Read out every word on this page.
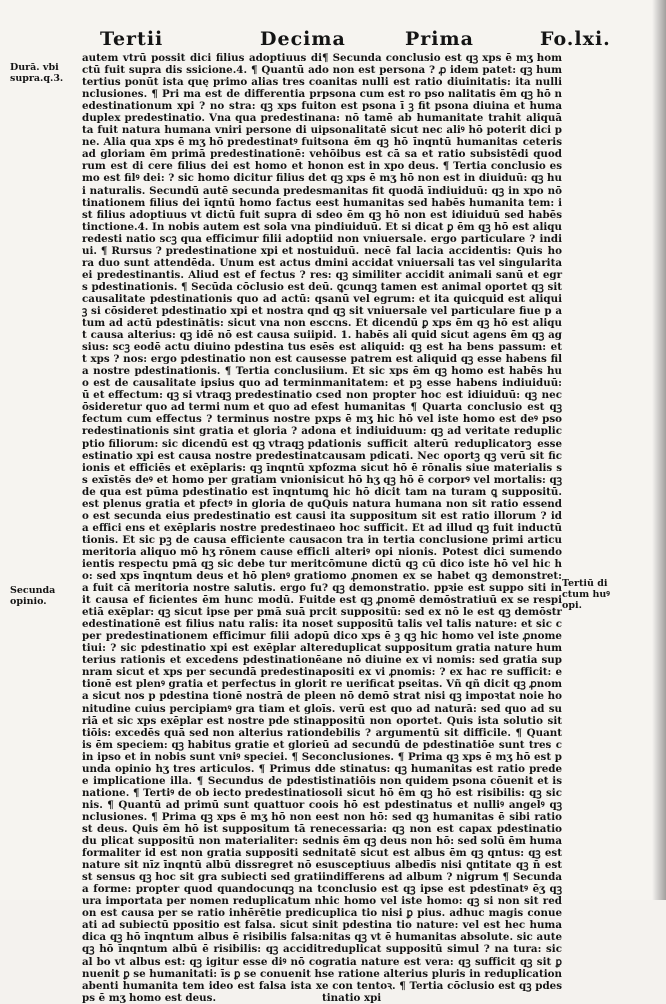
Tertii	Decima	Prima	Fo.lxi.
Durā. vbi supra.q.3.
Secunda opinio.
Tertiū di ctum huꝰ opi.
autem vtrū possit dici filius adoptiuus dictū fuit supra dis ssicione.4. ¶ Quantū ad tertius ponūt ista quę primo alias tres conclusiones. ¶ Pri ma est de differentia predestinationum xpi ? no stra: qꝫ xps fuit duplex predestinatio. Vna qua predestinata fuit natura humana vniri persone di uine. Alia qua xps ē mʒ hō predestinatꝰ fuit ad gloriam ēm primā predestinationē: verum est di cere filius dei est homo et homo est filꝰ dei: ? sic homo dicitur filius dei naturalis. Secundū autē secunda predestinationem filius dei īqntū homo factus est filius adoptiuus vt dictū fuit supra di stinctione.4. In nobis autem est sola vna predesti natio scꝫ qua efficimur filii adoptiui. ¶ Rursus ? predestinatione xpi et nostra duo sunt attendēda. Unum est actus dei predestinantis. Aliud est ef fectus ? res pdestinationis. ¶ Secūda cōclusio est de causalitate pdestinationis quo ad actū: qꝫ si cōsideret pdestinatio xpi et nostra qntum ad actū pdestinātis: sicut vna non est causa alterius: qꝫ idē nō est causa suiipsius: scꝫ eodē actu diuino pdestina tus est xps ? nos: ergo pdestinatio non est causa nostre pdestinationis. ¶ Tertia conclusio est de causalitate ipsius quo ad terminū et effectum: qꝫ si vtraqꝫ predestinatio cōsideretur quo ad termi num et quo ad effectum cum effectus ? terminus nostre predestinationis sint gratia et gloria ? ado ptio filiorum: sic dicendū est qꝫ vtraqꝫ pdestinatio xpi est causa nostre predestinationis et efficiēs et exēplaris: qꝫ īnqntū xps exīstēs deꝰ et homo per gratiam vnionis de qua est pūma pdestinatio est īnqntum est plenus gratia et pfectꝰ in gloria de quo est secunda eius predestinatio est causa effici ens et exēplaris nostre predestinationis. Et sic pꝫ de causa efficiente causa meritoria aliquo mō hʒ rōnem cause efficientis respectu pmā qꝫ sic debe tur merito: sed xps īnqntum deus et hō plenꝰ gratia fuit cā meritoria nostre salutis. ergo fuit causa ef ficientes ēm hunc modū. Fuit etiā exēplar: qꝫ sicut ipse per pmā suā predestinationē est filius natu ralis: ita nos per predestinationem efficimur filii adoptiui: ? sic pdestinatio xpi est exēplar alte terius rationis et excedens pdestinationē nram sicut et xps per secundā predestinationē est plenꝰ gratia et perfectus in gloria sicut nos p pdestina tionē nostrā de plenitudine cuius percipiamꝰ gra tiam et gloriā et sic xps exēplar est nostre pde stinatiōis: excedēs quā sed non alterius rationis ēm speciem: qꝫ habitus gratie et glorie in ipso et in nobis sunt vniꝰ speciei. ¶ Secunda opinio hʒ tres articulos. ¶ Primus de implicatione illa. ¶ Secundus de pdestinatione. ¶ Tertiꝰ de ob iecto predestinationis. ¶ Quantū ad primū sunt quattuor conclusiones. ¶ Prima qꝫ xps ē mʒ hō non est deus. Quis ēm hō ist suppositum tā redu plicat suppositū non materialiter: sed formaliter id est non gratia suppositi sed nature sit nīz īnqntū albū dissregret nō est sensus qꝫ hoc sit gra subiecti sed gratia forme: propter quod quandocunqꝫ na tura importata per nomen reduplicatum non est causa per se ratio inhērētie predicati ad subiectū ppositio est falsa. sicut si dica qꝫ hō īnqntum albus ē risibilis falsa: qꝫ hō īnqntum albū ē risibilis: qꝫ accidit al bo vt albus est: qꝫ igitur esse diꝰ nō conuenit ꝑ se humanitati: īs ꝑ se conuenit habenti humanita tem ideo est falsa ista xps ē mʒ homo est deus.
¶ Secunda conclusio est qꝫ xps ē mʒ homo non est persona ? ꝓ idem patet: qꝫ humanitas nulli est ratio diuinitatis: ita nulli psona cum est ro pso nalitatis ēm qꝫ hō non est psona ī ꝫ fit psona diuina et humana: nō tamē ab humanitate trahit aliquā psonalitatē sicut nec aliꝰ hō poterit dici psona ēm qꝫ hō īnqntū humanitas ceteris hōibus est cā sa et ratio subsistēdi quod non est in xpo deus. ¶ Tertia conclusio est qꝫ xps ē mʒ hō non est in diuiduū: qꝫ humanitas fit quodā īndiuiduū: qꝫ in xpo nō est humanitas sed habēs humanita tem: ideo ēm qꝫ hō non est idiuiduū sed habēs indiuiduū. Et si dicat ꝑ ēm qꝫ hō est aliquid non vniuersale. ergo particulare ? indiuiduū. necē fal lacia accidentis: Quis homini accidat vniuersali tas vel singularitas: qꝫ similiter accidit animali sanū et egrū. ꝗcunqꝫ tamen est animal oportet qꝫ sit sanū vel egrum: et ita quicquid est aliquid qꝫ sit vniuersale vel particulare fiue p accns. Et dicendū ꝑ xps ēm qꝫ hō est aliquid. 1. habēs ali quid sicut agens ēm qꝫ agēs est aliquid: qꝫ est ha bens passum: et esse patrem est aliquid qꝫ esse habens filium. Et sic xps ēm qꝫ homo est habēs humanitatem: et pꝫ esse habens indiuiduū: sed non propter hoc est idiuiduū: qꝫ nec est humanitas ¶ Quarta conclusio est qꝫ xps ē mʒ hic hō vel iste homo est deꝰ psona et indiuiduum: qꝫ ad veritate reduplicationis sufficit alterū reduplicatorꝫ esse causam pdicati. Nec oportꝫ qꝫ verū sit fic fozma sicut hō ē rōnalis siue materialis sicut hō hʒ qꝫ hō ē corporꝰ vel mortalis: qꝫ ꝗ hic hō dicit tam na turam ꝗ suppositū. Quis natura humana non sit ratio essendi ita suppositum sit est ratio illorum ? ideo hoc sufficit. Et ad illud qꝫ fuit inductū con tra in tertia conclusione primi articuli alteriꝰ opi nionis. Potest dici sumendo cōmune dictū qꝫ cū dico iste hō vel hic homo ꝓnomen ex se habet qꝫ demonstret: ? qꝫ demonstratio. ppꝛie est suppo siti inde est qꝫ ꝓnomē demōstratiuū ex se respicit suppositū: sed ex nō le est qꝫ demōstret suppositū talis vel talis nature: et sic cū dico xps ē ꝫ qꝫ hic homo vel iste ꝓnome reduplicat suppositum gratia nature humane nō diuine ex vi nomis: sed gratia suppositi ex vi ꝓnomis: ? ex hac re sufficit: et re uerificat pseitas. Vñ qñ dicit qꝫ ꝓnomen nō demō strat nisi qꝫ impoꝛtat noie hoīs. verū est quo ad naturā: sed quo ad suppositū non oportet. Quis ista solutio sit debilis ? argumentū sit difficile. ¶ Quantū ad secundū de pdestinatiōe sunt tres conclusiones. ¶ Prima qꝫ xps ē mʒ hō est pde stinatus: qꝫ humanitas est ratio predestinatiōis non quidem psona cōuenit et is soli sicut hō ēm qꝫ hō est risibilis: qꝫ sic ois hō est pdestinatus et nulliꝰ angelꝰ qꝫ est non hō: sed qꝫ humanitas ē sibi ratio necessaria: qꝫ non est capax pdestinatio nis ēm qꝫ deus non hō: sed solū ēm humanitatē sicut est albus ēm qꝫ qntus: qꝫ est susceptiuus albedīs nisi ꝗntitate qꝫ n̄ est indifferens ad album ? nigrum ¶ Secunda conclusio est qꝫ ipse est pdestīnatꝰ ēʒ qꝫ hic homo vel iste homo: qꝫ si non sit reduplica tio nisi ꝑ pius. adhuc magis conuenit pdestina tio nature: vel est hec humanitas qꝫ vt ē humanitas absolute. sic aute reduplicat suppositū simul ? na tura: sic gratia nature est vera: qꝫ sufficit qꝫ sit ꝑ se ratione alterius pluris in reduplicatione con tentoꝛ. ¶ Tertia cōclusio est qꝫ pdestinatio xpi
